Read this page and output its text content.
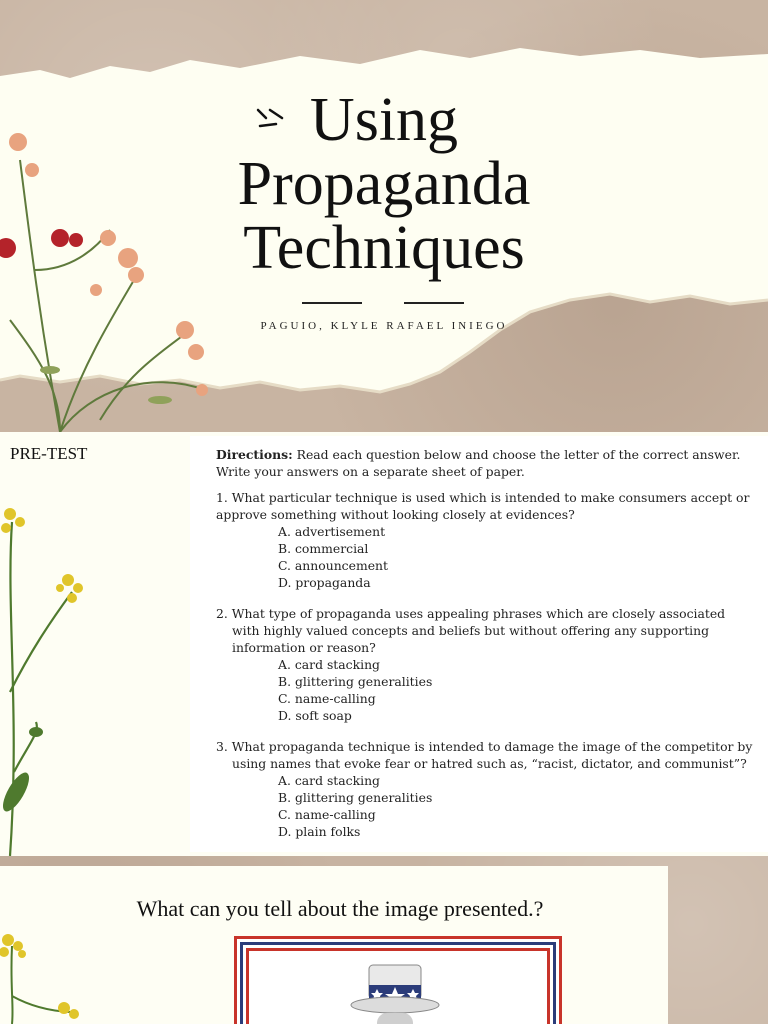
Using
Propaganda
Techniques

PAGUIO, KLYLE RAFAEL INIEGO

PRE-TEST	Directions: Read each question below and choose the letter of the correct answer. Write your answers on a separate sheet of paper.

1. What particular technique is used which is intended to make consumers accept or approve something without looking closely at evidences?

A. advertisement
B. commercial
C. announcement
D. propaganda

2. What type of propaganda uses appealing phrases which are closely associated with highly valued concepts and beliefs but without offering any supporting information or reason?

A. card stacking
B. glittering generalities
C. name-calling
D. soft soap

3. What propaganda technique is intended to damage the image of the competitor by using names that evoke fear or hatred such as, “racist, dictator, and communist”?

A. card stacking
B. glittering generalities
C. name-calling
D. plain folks
What can you tell about the image presented.?
